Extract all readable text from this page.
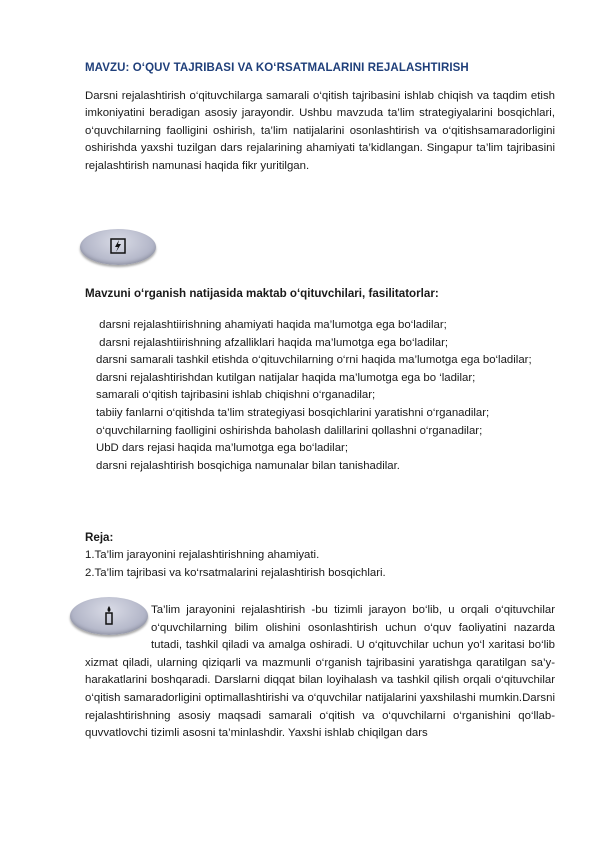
MAVZU: O‘QUV TAJRIBASI VA KO‘RSATMALARINI REJALASHTIRISH

Darsni rejalashtirish o‘qituvchilarga samarali o‘qitish tajribasini ishlab chiqish va taqdim etish imkoniyatini beradigan asosiy jarayondir. Ushbu mavzuda ta’lim strategiyalarini bosqichlari, o‘quvchilarning faolligini oshirish, ta’lim natijalarini osonlashtirish va o‘qitishsamaradorligini oshirishda yaxshi tuzilgan dars rejalarining ahamiyati ta’kidlangan. Singapur ta’lim tajribasini rejalashtirish namunasi haqida fikr yuritilgan.

Mavzuni o‘rganish natijasida maktab o‘qituvchilari, fasilitatorlar:
darsni rejalashtiirishning ahamiyati haqida ma’lumotga ega bo‘ladilar;
darsni rejalashtiirishning afzalliklari haqida ma’lumotga ega bo‘ladilar;
darsni samarali tashkil etishda o‘qituvchilarning o‘rni haqida ma’lumotga ega bo‘ladilar;
darsni rejalashtirishdan kutilgan natijalar haqida ma’lumotga ega bo ‘ladilar;
samarali o‘qitish tajribasini ishlab chiqishni o‘rganadilar;
tabiiy fanlarni o‘qitishda ta’lim strategiyasi bosqichlarini yaratishni o‘rganadilar;
o‘quvchilarning faolligini oshirishda baholash dalillarini qollashni o‘rganadilar;
UbD dars rejasi haqida ma’lumotga ega bo‘ladilar;
darsni rejalashtirish bosqichiga namunalar bilan tanishadilar.
Reja:
1.Ta’lim jarayonini rejalashtirishning ahamiyati.
2.Ta’lim tajribasi va ko‘rsatmalarini rejalashtirish bosqichlari.

Ta’lim jarayonini rejalashtirish -bu tizimli jarayon bo‘lib, u orqali o‘qituvchilar o‘quvchilarning bilim olishini osonlashtirish uchun o‘quv faoliyatini nazarda tutadi, tashkil qiladi va amalga oshiradi. U o‘qituvchilar uchun yo‘l xaritasi bo‘lib xizmat qiladi, ularning qiziqarli va mazmunli o‘rganish tajribasini yaratishga qaratilgan sa’y-harakatlarini boshqaradi. Darslarni diqqat bilan loyihalash va tashkil qilish orqali o‘qituvchilar o‘qitish samaradorligini optimallashtirishi va o‘quvchilar natijalarini yaxshilashi mumkin.Darsni rejalashtirishning asosiy maqsadi samarali o‘qitish va o‘quvchilarni o‘rganishini qo‘llab-quvvatlovchi tizimli asosni ta’minlashdir. Yaxshi ishlab chiqilgan dars
